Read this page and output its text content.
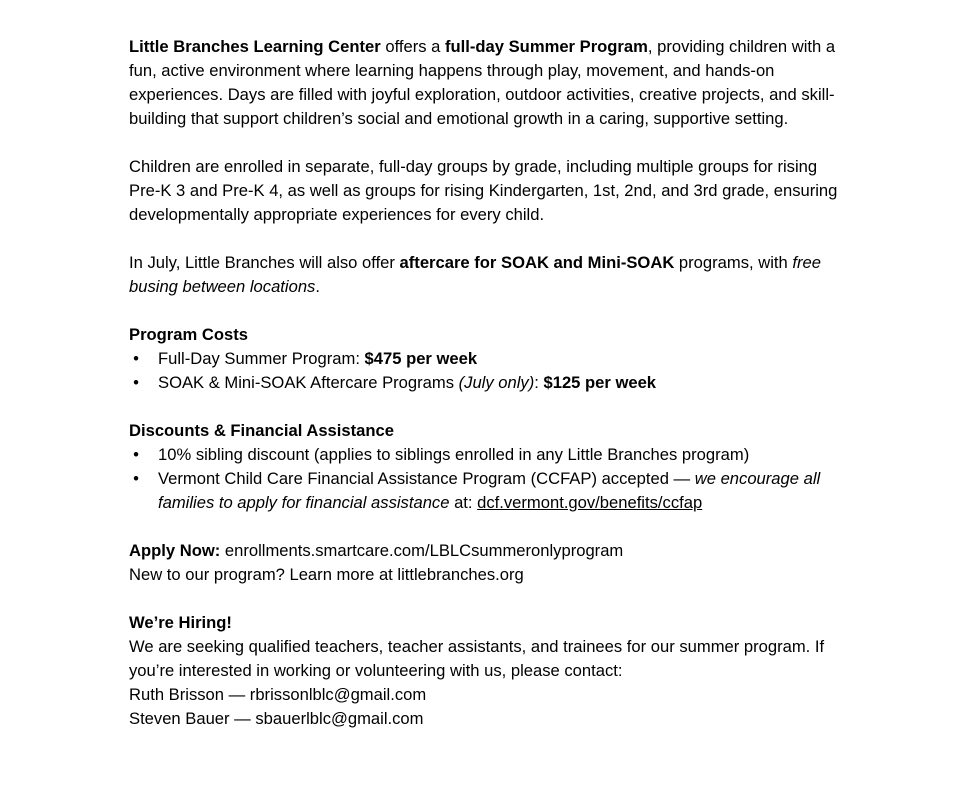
Little Branches Learning Center offers a full-day Summer Program, providing children with a fun, active environment where learning happens through play, movement, and hands-on experiences. Days are filled with joyful exploration, outdoor activities, creative projects, and skill-building that support children’s social and emotional growth in a caring, supportive setting.

Children are enrolled in separate, full-day groups by grade, including multiple groups for rising Pre-K 3 and Pre-K 4, as well as groups for rising Kindergarten, 1st, 2nd, and 3rd grade, ensuring developmentally appropriate experiences for every child.

In July, Little Branches will also offer aftercare for SOAK and Mini-SOAK programs, with free busing between locations.

Program Costs

• Full-Day Summer Program: $475 per week
• SOAK & Mini-SOAK Aftercare Programs (July only): $125 per week

Discounts & Financial Assistance

• 10% sibling discount (applies to siblings enrolled in any Little Branches program)
• Vermont Child Care Financial Assistance Program (CCFAP) accepted — we encourage all families to apply for financial assistance at: dcf.vermont.gov/benefits/ccfap

Apply Now: enrollments.smartcare.com/LBLCsummeronlyprogram

New to our program? Learn more at littlebranches.org

We’re Hiring!

We are seeking qualified teachers, teacher assistants, and trainees for our summer program. If you’re interested in working or volunteering with us, please contact:

Ruth Brisson — rbrissonlblc@gmail.com

Steven Bauer — sbauerlblc@gmail.com
